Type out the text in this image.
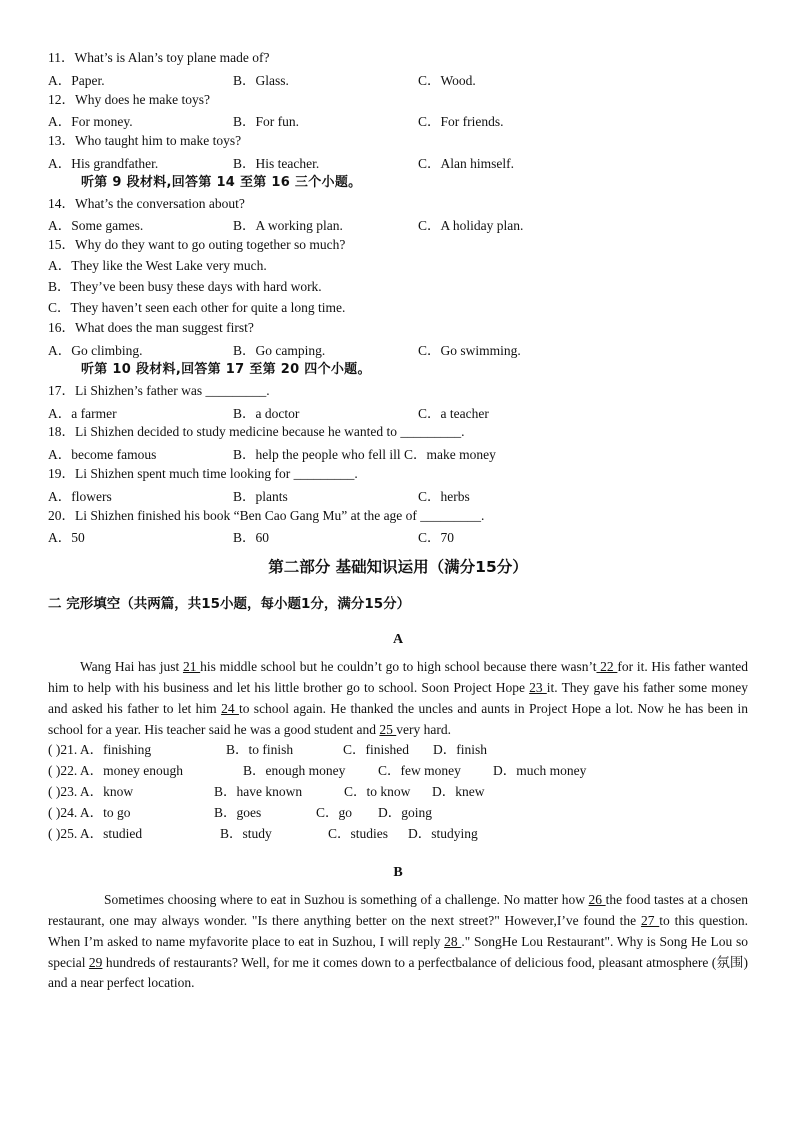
11．What’s is Alan’s toy plane made of?
A．Paper.	B．Glass.	C．Wood.
12．Why does he make toys?
A．For money.	B．For fun.	C．For friends.
13．Who taught him to make toys?
A．His grandfather.	B．His teacher.	C．Alan himself.
听第 9 段材料,回答第 14 至第 16 三个小题。
14．What’s the conversation about?
A．Some games.	B．A working plan.	C．A holiday plan.
15．Why do they want to go outing together so much?
A．They like the West Lake very much.
B．They’ve been busy these days with hard work.
C．They haven’t seen each other for quite a long time.
16．What does the man suggest first?
A．Go climbing.	B．Go camping.	C．Go swimming.
听第 10 段材料,回答第 17 至第 20 四个小题。
17．Li Shizhen’s father was _________.
A．a farmer	B．a doctor	C．a teacher
18．Li Shizhen decided to study medicine because he wanted to _________.
A．become famous	B．help the people who fell ill C．make money
19．Li Shizhen spent much time looking for _________.
A．flowers	B．plants	C．herbs
20．Li Shizhen finished his book “Ben Cao Gang Mu” at the age of _________.
A．50	B．60	C．70
第二部分 基础知识运用（满分15分）
二 完形填空（共两篇，共15小题，每小题1分，满分15分）
A
Wang Hai has just 21 his middle school but he couldn’t go to high school because there wasn’t 22 for it. His father wanted him to help with his business and let his little brother go to school. Soon Project Hope 23 it. They gave his father some money and asked his father to let him 24 to school again. He thanked the uncles and aunts in Project Hope a lot. Now he has been in school for a year. His teacher said he was a good student and 25 very hard.
( )21. A．finishing	B．to finish	C．finished D．finish
( )22. A．money enough	B．enough money C．few money D．much money
( )23. A．know	B．have known	C．to know D．knew
( )24. A．to go	B．goes	C．go D．going
( )25. A．studied	B．study	C．studies D．studying
B
Sometimes choosing where to eat in Suzhou is something of a challenge. No matter how 26 the food tastes at a chosen restaurant, one may always wonder. "Is there anything better on the next street?" However,I’ve found the 27 to this question. When I’m asked to name myfavorite place to eat in Suzhou, I will reply 28 ." SongHe Lou Restaurant". Why is Song He Lou so special 29 hundreds of restaurants? Well, for me it comes down to a perfectbalance of delicious food, pleasant atmosphere (氛围) and a near perfect location.
